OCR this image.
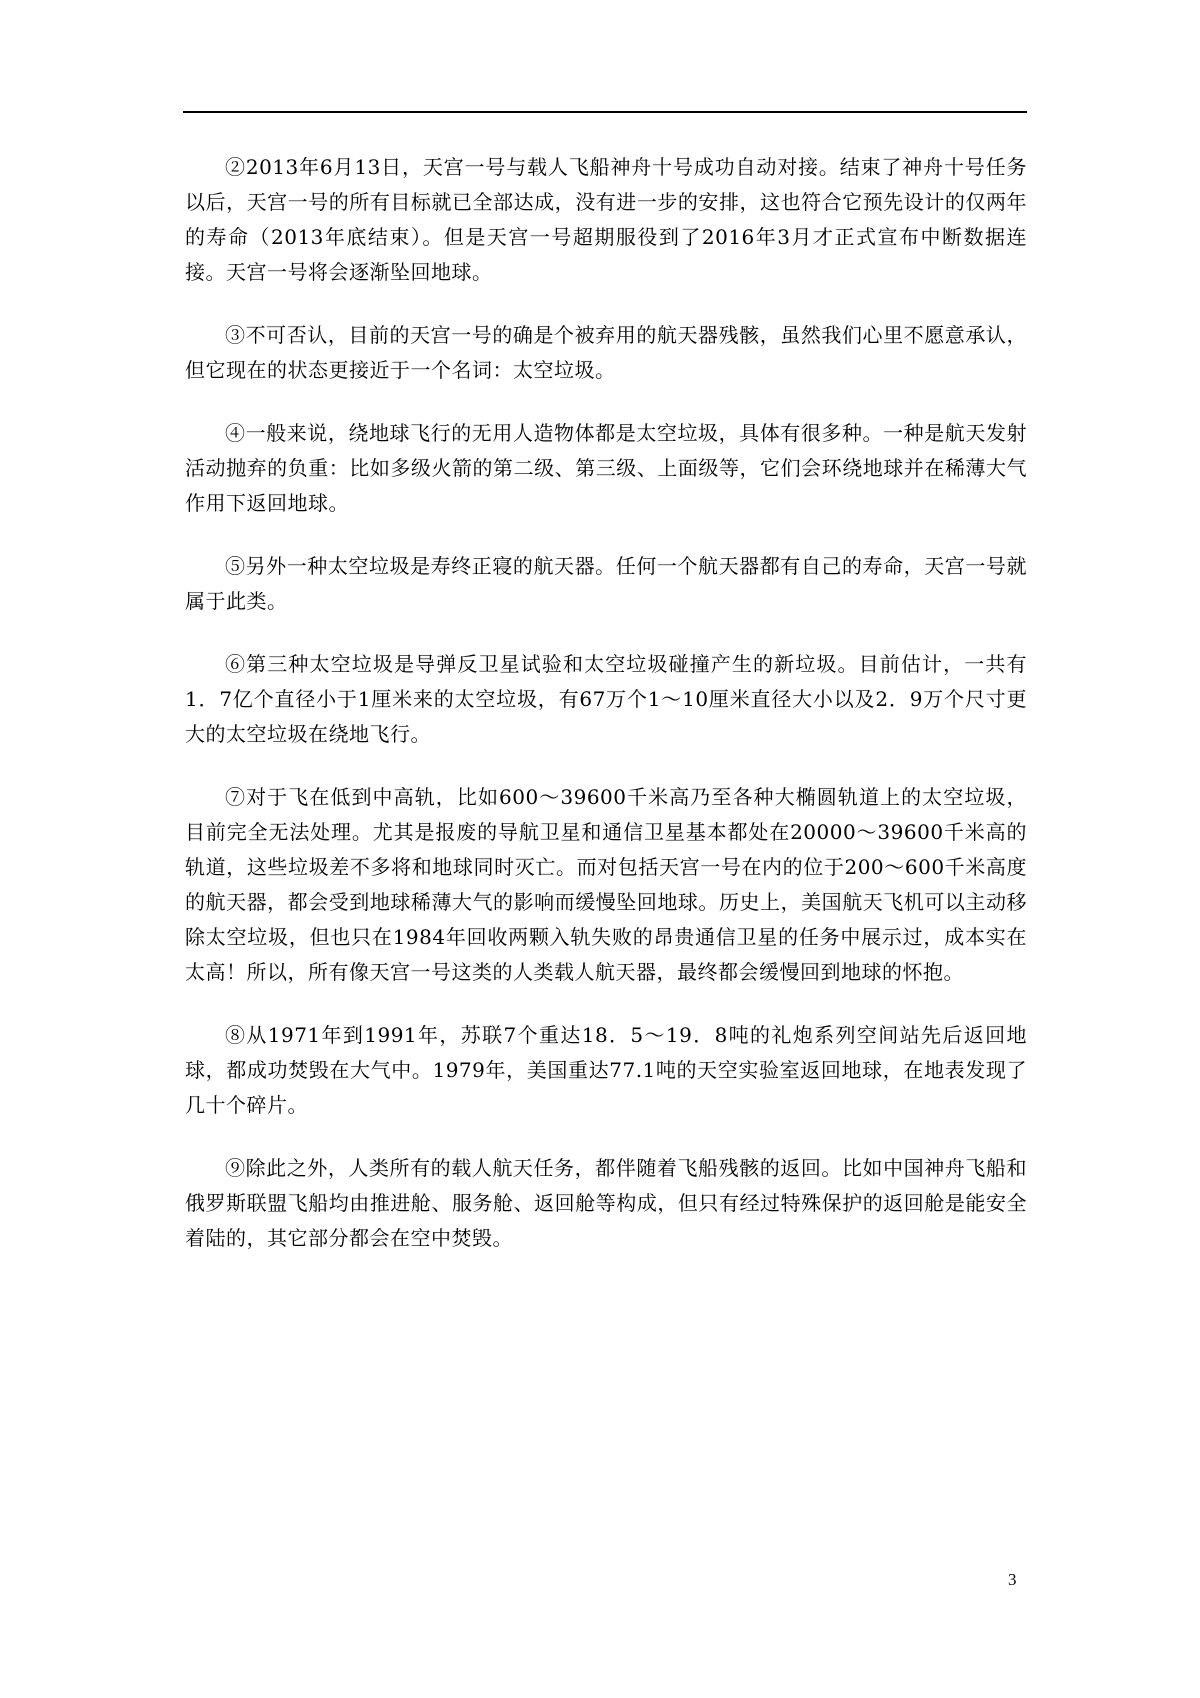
②2013年6月13日，天宫一号与载人飞船神舟十号成功自动对接。结束了神舟十号任务以后，天宫一号的所有目标就已全部达成，没有进一步的安排，这也符合它预先设计的仅两年的寿命（2013年底结束）。但是天宫一号超期服役到了2016年3月才正式宣布中断数据连接。天宫一号将会逐渐坠回地球。

③不可否认，目前的天宫一号的确是个被弃用的航天器残骸，虽然我们心里不愿意承认，但它现在的状态更接近于一个名词：太空垃圾。

④一般来说，绕地球飞行的无用人造物体都是太空垃圾，具体有很多种。一种是航天发射活动抛弃的负重：比如多级火箭的第二级、第三级、上面级等，它们会环绕地球并在稀薄大气作用下返回地球。

⑤另外一种太空垃圾是寿终正寝的航天器。任何一个航天器都有自己的寿命，天宫一号就属于此类。

⑥第三种太空垃圾是导弹反卫星试验和太空垃圾碰撞产生的新垃圾。目前估计，一共有1．7亿个直径小于1厘米来的太空垃圾，有67万个1～10厘米直径大小以及2．9万个尺寸更大的太空垃圾在绕地飞行。

⑦对于飞在低到中高轨，比如600～39600千米高乃至各种大椭圆轨道上的太空垃圾，目前完全无法处理。尤其是报废的导航卫星和通信卫星基本都处在20000～39600千米高的轨道，这些垃圾差不多将和地球同时灭亡。而对包括天宫一号在内的位于200～600千米高度的航天器，都会受到地球稀薄大气的影响而缓慢坠回地球。历史上，美国航天飞机可以主动移除太空垃圾，但也只在1984年回收两颗入轨失败的昂贵通信卫星的任务中展示过，成本实在太高！所以，所有像天宫一号这类的人类载人航天器，最终都会缓慢回到地球的怀抱。

⑧从1971年到1991年，苏联7个重达18．5～19．8吨的礼炮系列空间站先后返回地球，都成功焚毁在大气中。1979年，美国重达77.1吨的天空实验室返回地球，在地表发现了几十个碎片。

⑨除此之外，人类所有的载人航天任务，都伴随着飞船残骸的返回。比如中国神舟飞船和俄罗斯联盟飞船均由推进舱、服务舱、返回舱等构成，但只有经过特殊保护的返回舱是能安全着陆的，其它部分都会在空中焚毁。

3
